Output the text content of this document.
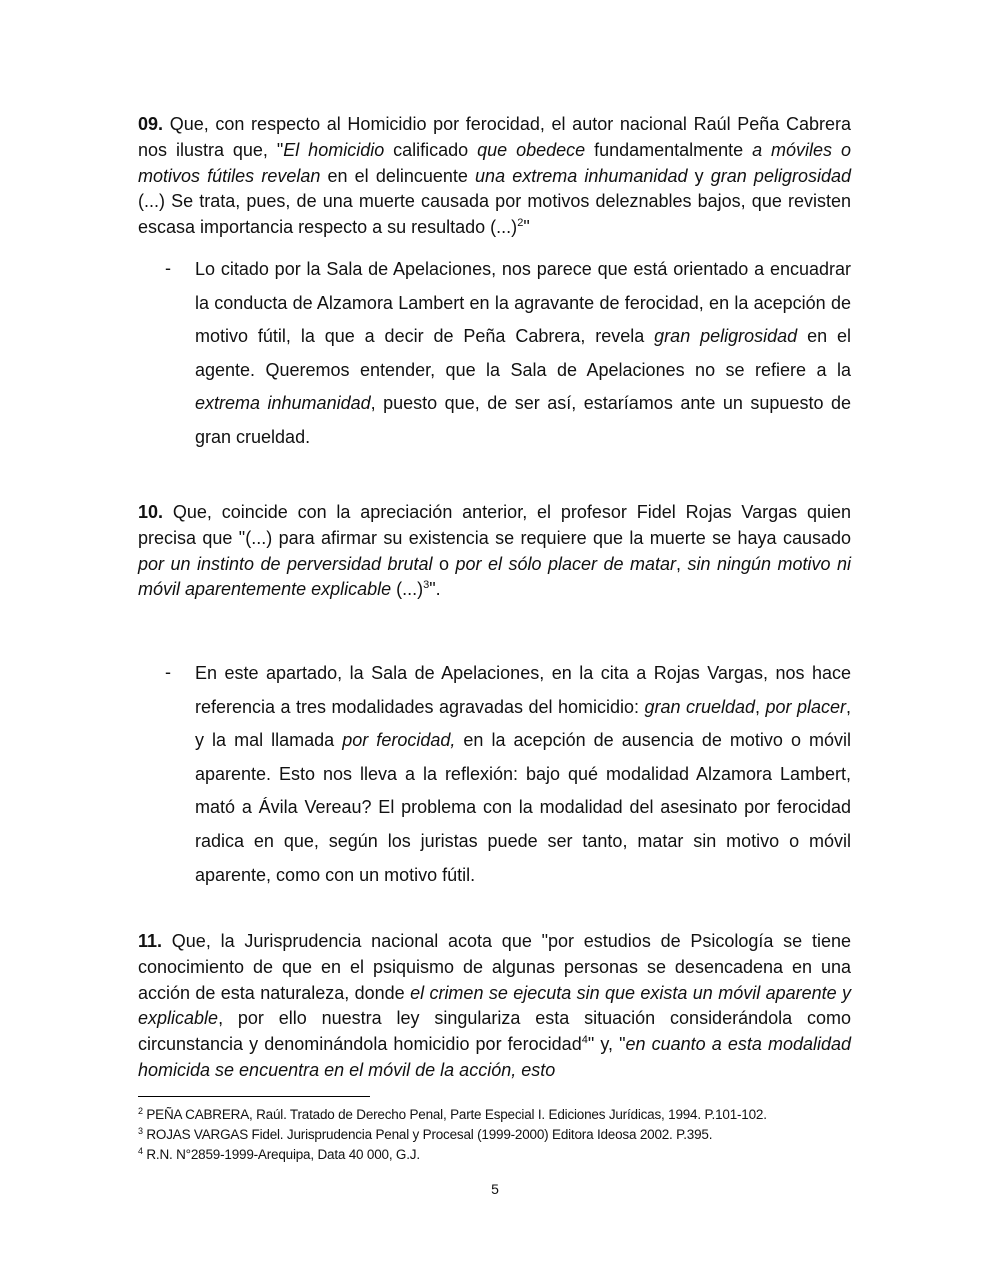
09. Que, con respecto al Homicidio por ferocidad, el autor nacional Raúl Peña Cabrera nos ilustra que, "El homicidio calificado que obedece fundamentalmente a móviles o motivos fútiles revelan en el delincuente una extrema inhumanidad y gran peligrosidad (...) Se trata, pues, de una muerte causada por motivos deleznables bajos, que revisten escasa importancia respecto a su resultado (...)$^2$"
- Lo citado por la Sala de Apelaciones, nos parece que está orientado a encuadrar la conducta de Alzamora Lambert en la agravante de ferocidad, en la acepción de motivo fútil, la que a decir de Peña Cabrera, revela gran peligrosidad en el agente. Queremos entender, que la Sala de Apelaciones no se refiere a la extrema inhumanidad, puesto que, de ser así, estaríamos ante un supuesto de gran crueldad.
10. Que, coincide con la apreciación anterior, el profesor Fidel Rojas Vargas quien precisa que "(...) para afirmar su existencia se requiere que la muerte se haya causado por un instinto de perversidad brutal o por el sólo placer de matar, sin ningún motivo ni móvil aparentemente explicable (...)$^3$".
- En este apartado, la Sala de Apelaciones, en la cita a Rojas Vargas, nos hace referencia a tres modalidades agravadas del homicidio: gran crueldad, por placer, y la mal llamada por ferocidad, en la acepción de ausencia de motivo o móvil aparente. Esto nos lleva a la reflexión: bajo qué modalidad Alzamora Lambert, mató a Ávila Vereau? El problema con la modalidad del asesinato por ferocidad radica en que, según los juristas puede ser tanto, matar sin motivo o móvil aparente, como con un motivo fútil.
11. Que, la Jurisprudencia nacional acota que "por estudios de Psicología se tiene conocimiento de que en el psiquismo de algunas personas se desencadena en una acción de esta naturaleza, donde el crimen se ejecuta sin que exista un móvil aparente y explicable, por ello nuestra ley singulariza esta situación considerándola como circunstancia y denominándola homicidio por ferocidad$^4$" y, "en cuanto a esta modalidad homicida se encuentra en el móvil de la acción, esto
$^2$ PEÑA CABRERA, Raúl. Tratado de Derecho Penal, Parte Especial I. Ediciones Jurídicas, 1994. P.101-102.
$^3$ ROJAS VARGAS Fidel. Jurisprudencia Penal y Procesal (1999-2000) Editora Ideosa 2002. P.395.
$^4$ R.N. N°2859-1999-Arequipa, Data 40 000, G.J.
5
